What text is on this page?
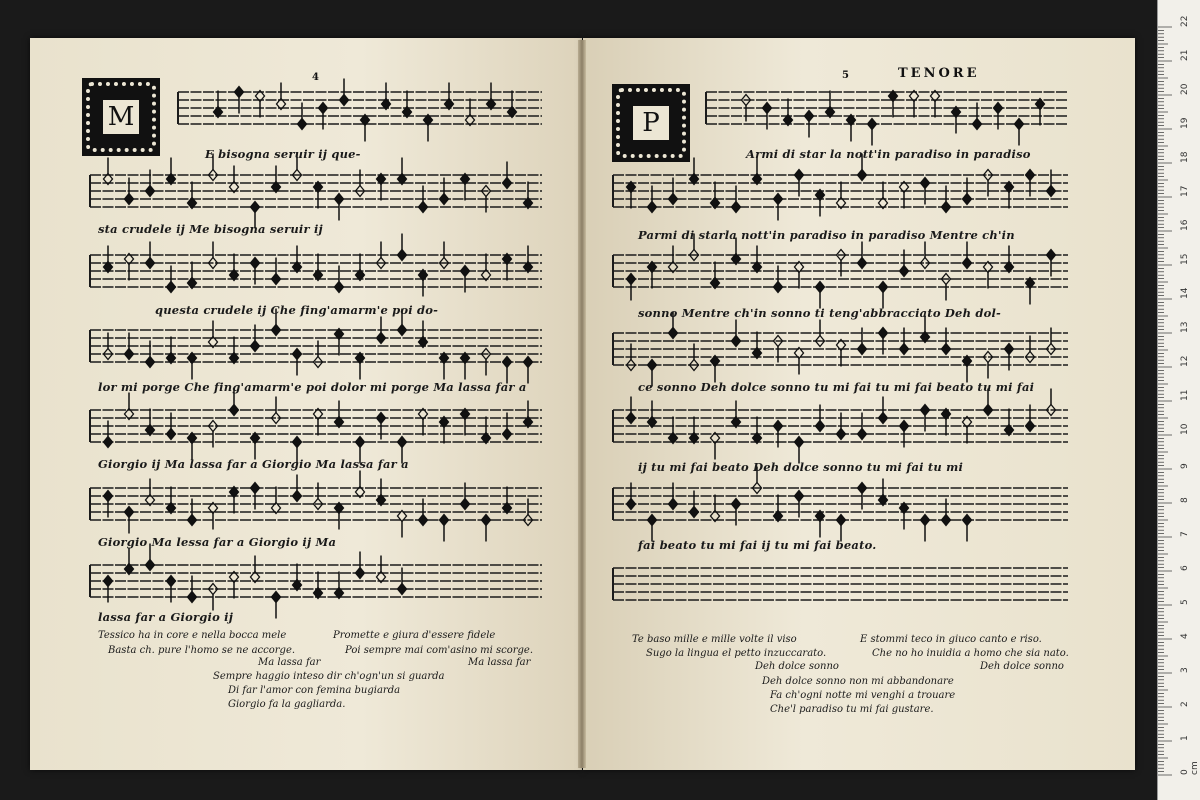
0 cm
1
2
3
4
5
6
7
8
9
10
11
12
13
14
15
16
17
18
19
20
21
22
M
4
P
5	TENORE
E bisogna seruir ij que-
sta crudele ij Me bisogna seruir ij
questa crudele ij Che fing'amarm'e poi do-
lor mi porge Che fing'amarm'e poi dolor mi porge Ma lassa far a
Giorgio ij Ma lassa far a Giorgio Ma lassa far a
Giorgio Ma lessa far a Giorgio ij Ma
lassa far a Giorgio ij
Tessico ha in core e nella bocca mele
Basta ch. pure l'homo se ne accorge.
Promette e giura d'essere fidele
Poi sempre mai com'asino mi scorge.
Ma lassa far	Ma lassa far
Sempre haggio inteso dir ch'ogn'un si guarda
Di far l'amor con femina bugiarda
Giorgio fa la gagliarda.
Armi di star la nott'in paradiso in paradiso
Parmi di starla nott'in paradiso in paradiso Mentre ch'in
sonno Mentre ch'in sonno ti teng'abbracciato Deh dol-
ce sonno Deh dolce sonno tu mi fai tu mi fai beato tu mi fai
ij tu mi fai beato Deh dolce sonno tu mi fai tu mi
fai beato tu mi fai ij tu mi fai beato.
Te baso mille e mille volte il viso
Sugo la lingua el petto inzuccarato.
E stommi teco in giuco canto e riso.
Che no ho inuidia a homo che sia nato.
Deh dolce sonno	Deh dolce sonno
Deh dolce sonno non mi abbandonare
Fa ch'ogni notte mi venghi a trouare
Che'l paradiso tu mi fai gustare.
